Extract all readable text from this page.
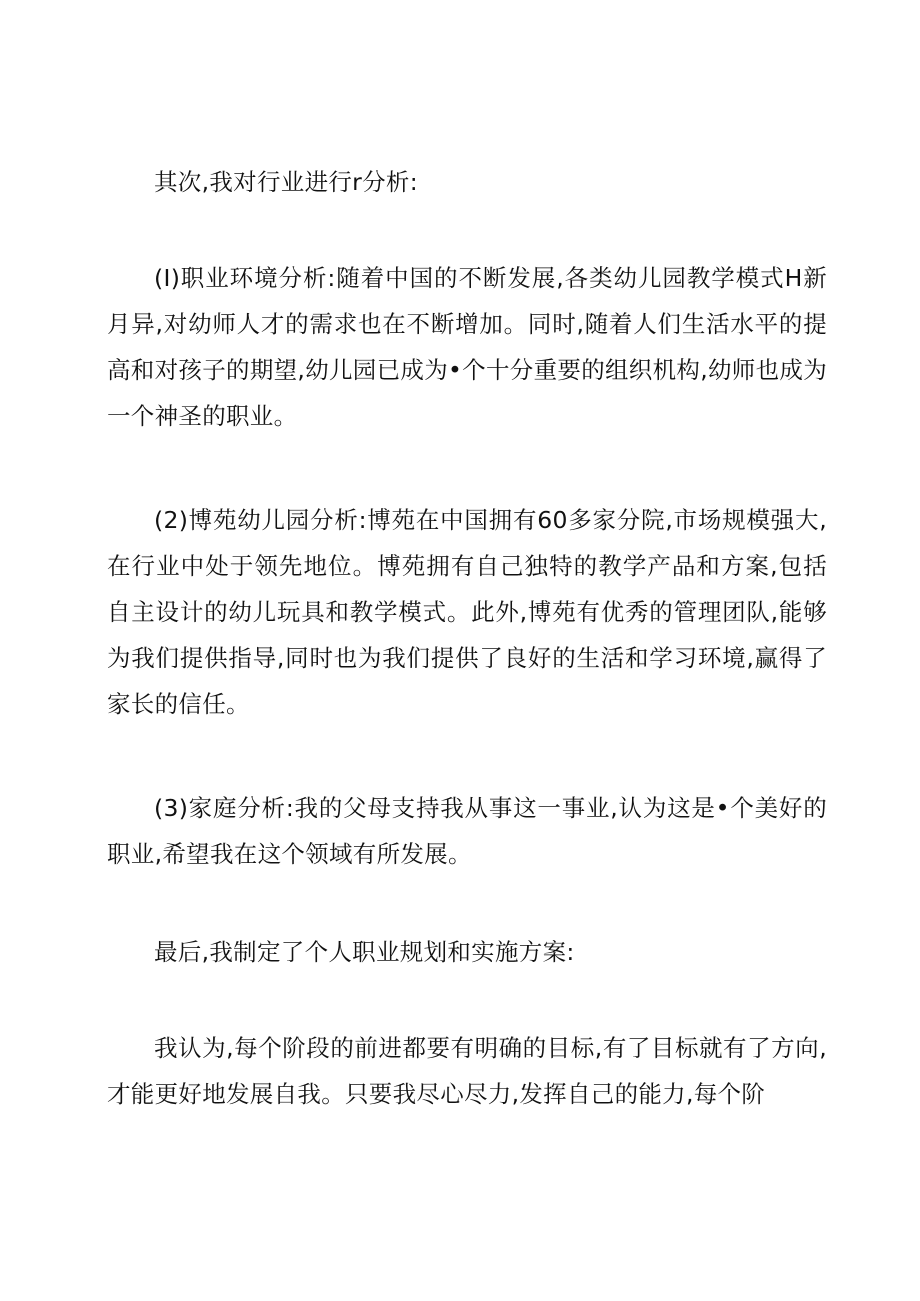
其次,我对行业进行r分析:

(I)职业环境分析:随着中国的不断发展,各类幼儿园教学模式H新月异,对幼师人才的需求也在不断增加。同时,随着人们生活水平的提高和对孩子的期望,幼儿园已成为•个十分重要的组织机构,幼师也成为一个神圣的职业。

(2)博苑幼儿园分析:博苑在中国拥有60多家分院,市场规模强大,在行业中处于领先地位。博苑拥有自己独特的教学产品和方案,包括自主设计的幼儿玩具和教学模式。此外,博苑有优秀的管理团队,能够为我们提供指导,同时也为我们提供了良好的生活和学习环境,赢得了家长的信任。

(3)家庭分析:我的父母支持我从事这一事业,认为这是•个美好的职业,希望我在这个领域有所发展。

最后,我制定了个人职业规划和实施方案:

我认为,每个阶段的前进都要有明确的目标,有了目标就有了方向,才能更好地发展自我。只要我尽心尽力,发挥自己的能力,每个阶
